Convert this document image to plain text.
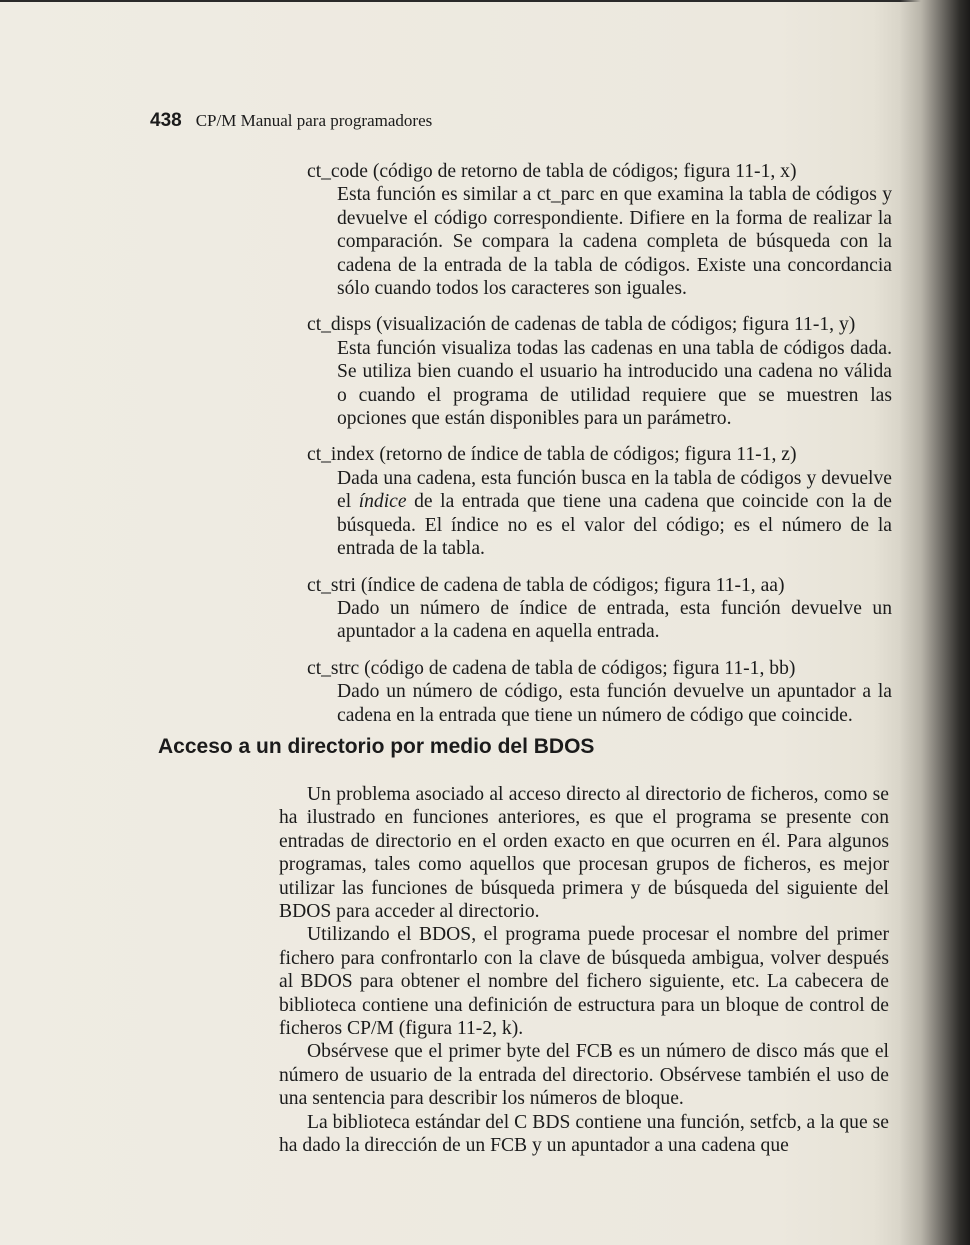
438 CP/M Manual para programadores
ct_code (código de retorno de tabla de códigos; figura 11-1, x)
Esta función es similar a ct_parc en que examina la tabla de códigos y devuelve el código correspondiente. Difiere en la forma de realizar la comparación. Se compara la cadena completa de búsqueda con la cadena de la entrada de la tabla de códigos. Existe una concordancia sólo cuando todos los caracteres son iguales.
ct_disps (visualización de cadenas de tabla de códigos; figura 11-1, y)
Esta función visualiza todas las cadenas en una tabla de códigos dada. Se utiliza bien cuando el usuario ha introducido una cadena no válida o cuando el programa de utilidad requiere que se muestren las opciones que están disponibles para un parámetro.
ct_index (retorno de índice de tabla de códigos; figura 11-1, z)
Dada una cadena, esta función busca en la tabla de códigos y devuelve el índice de la entrada que tiene una cadena que coincide con la de búsqueda. El índice no es el valor del código; es el número de la entrada de la tabla.
ct_stri (índice de cadena de tabla de códigos; figura 11-1, aa)
Dado un número de índice de entrada, esta función devuelve un apuntador a la cadena en aquella entrada.
ct_strc (código de cadena de tabla de códigos; figura 11-1, bb)
Dado un número de código, esta función devuelve un apuntador a la cadena en la entrada que tiene un número de código que coincide.
Acceso a un directorio por medio del BDOS

Un problema asociado al acceso directo al directorio de ficheros, como se ha ilustrado en funciones anteriores, es que el programa se presente con entradas de directorio en el orden exacto en que ocurren en él. Para algunos programas, tales como aquellos que procesan grupos de ficheros, es mejor utilizar las funciones de búsqueda primera y de búsqueda del siguiente del BDOS para acceder al directorio.

Utilizando el BDOS, el programa puede procesar el nombre del primer fichero para confrontarlo con la clave de búsqueda ambigua, volver después al BDOS para obtener el nombre del fichero siguiente, etc. La cabecera de biblioteca contiene una definición de estructura para un bloque de control de ficheros CP/M (figura 11-2, k).

Obsérvese que el primer byte del FCB es un número de disco más que el número de usuario de la entrada del directorio. Obsérvese también el uso de una sentencia para describir los números de bloque.

La biblioteca estándar del C BDS contiene una función, setfcb, a la que se ha dado la dirección de un FCB y un apuntador a una cadena que
